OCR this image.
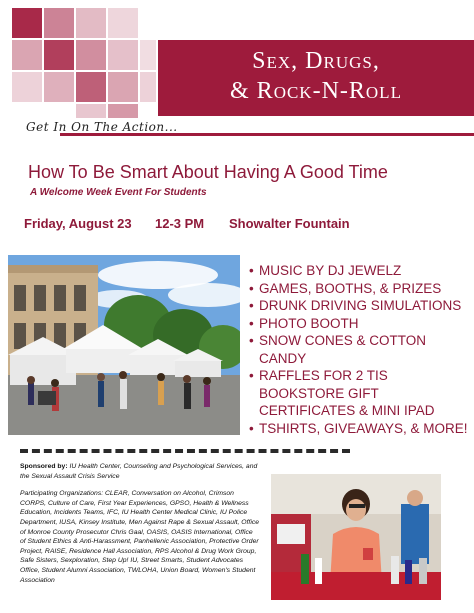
Sex, Drugs,
& Rock-N-Roll
Get In On The Action...
How To Be Smart About Having A Good Time
A Welcome Week Event For Students
Friday, August 23 12-3 PM Showalter Fountain
• MUSIC BY DJ JEWELZ
• GAMES, BOOTHS, & PRIZES
• DRUNK DRIVING SIMULATIONS
• PHOTO BOOTH
• SNOW CONES & COTTON CANDY
• RAFFLES FOR 2 TIS BOOKSTORE GIFT CERTIFICATES & MINI IPAD
• TSHIRTS, GIVEAWAYS, & MORE!

Sponsored by: IU Health Center, Counseling and Psychological Services, and the Sexual Assault Crisis Service

Participating Organizations: CLEAR, Conversation on Alcohol, Crimson CORPS, Culture of Care, First Year Experiences, GPSO, Health & Wellness Education, Incidents Teams, IFC, IU Health Center Medical Clinic, IU Police Department, IUSA, Kinsey Institute, Men Against Rape & Sexual Assault, Office of Monroe County Prosecutor Chris Gaal, OASIS, OASIS International, Office of Student Ethics & Anti-Harassment, Panhellenic Association, Protective Order Project, RAISE, Residence Hall Association, RPS Alcohol & Drug Work Group, Safe Sisters, Sexploration, Step Up! IU, Street Smarts, Student Advocates Office, Student Alumni Association, TWLOHA, Union Board, Women's Student Association
